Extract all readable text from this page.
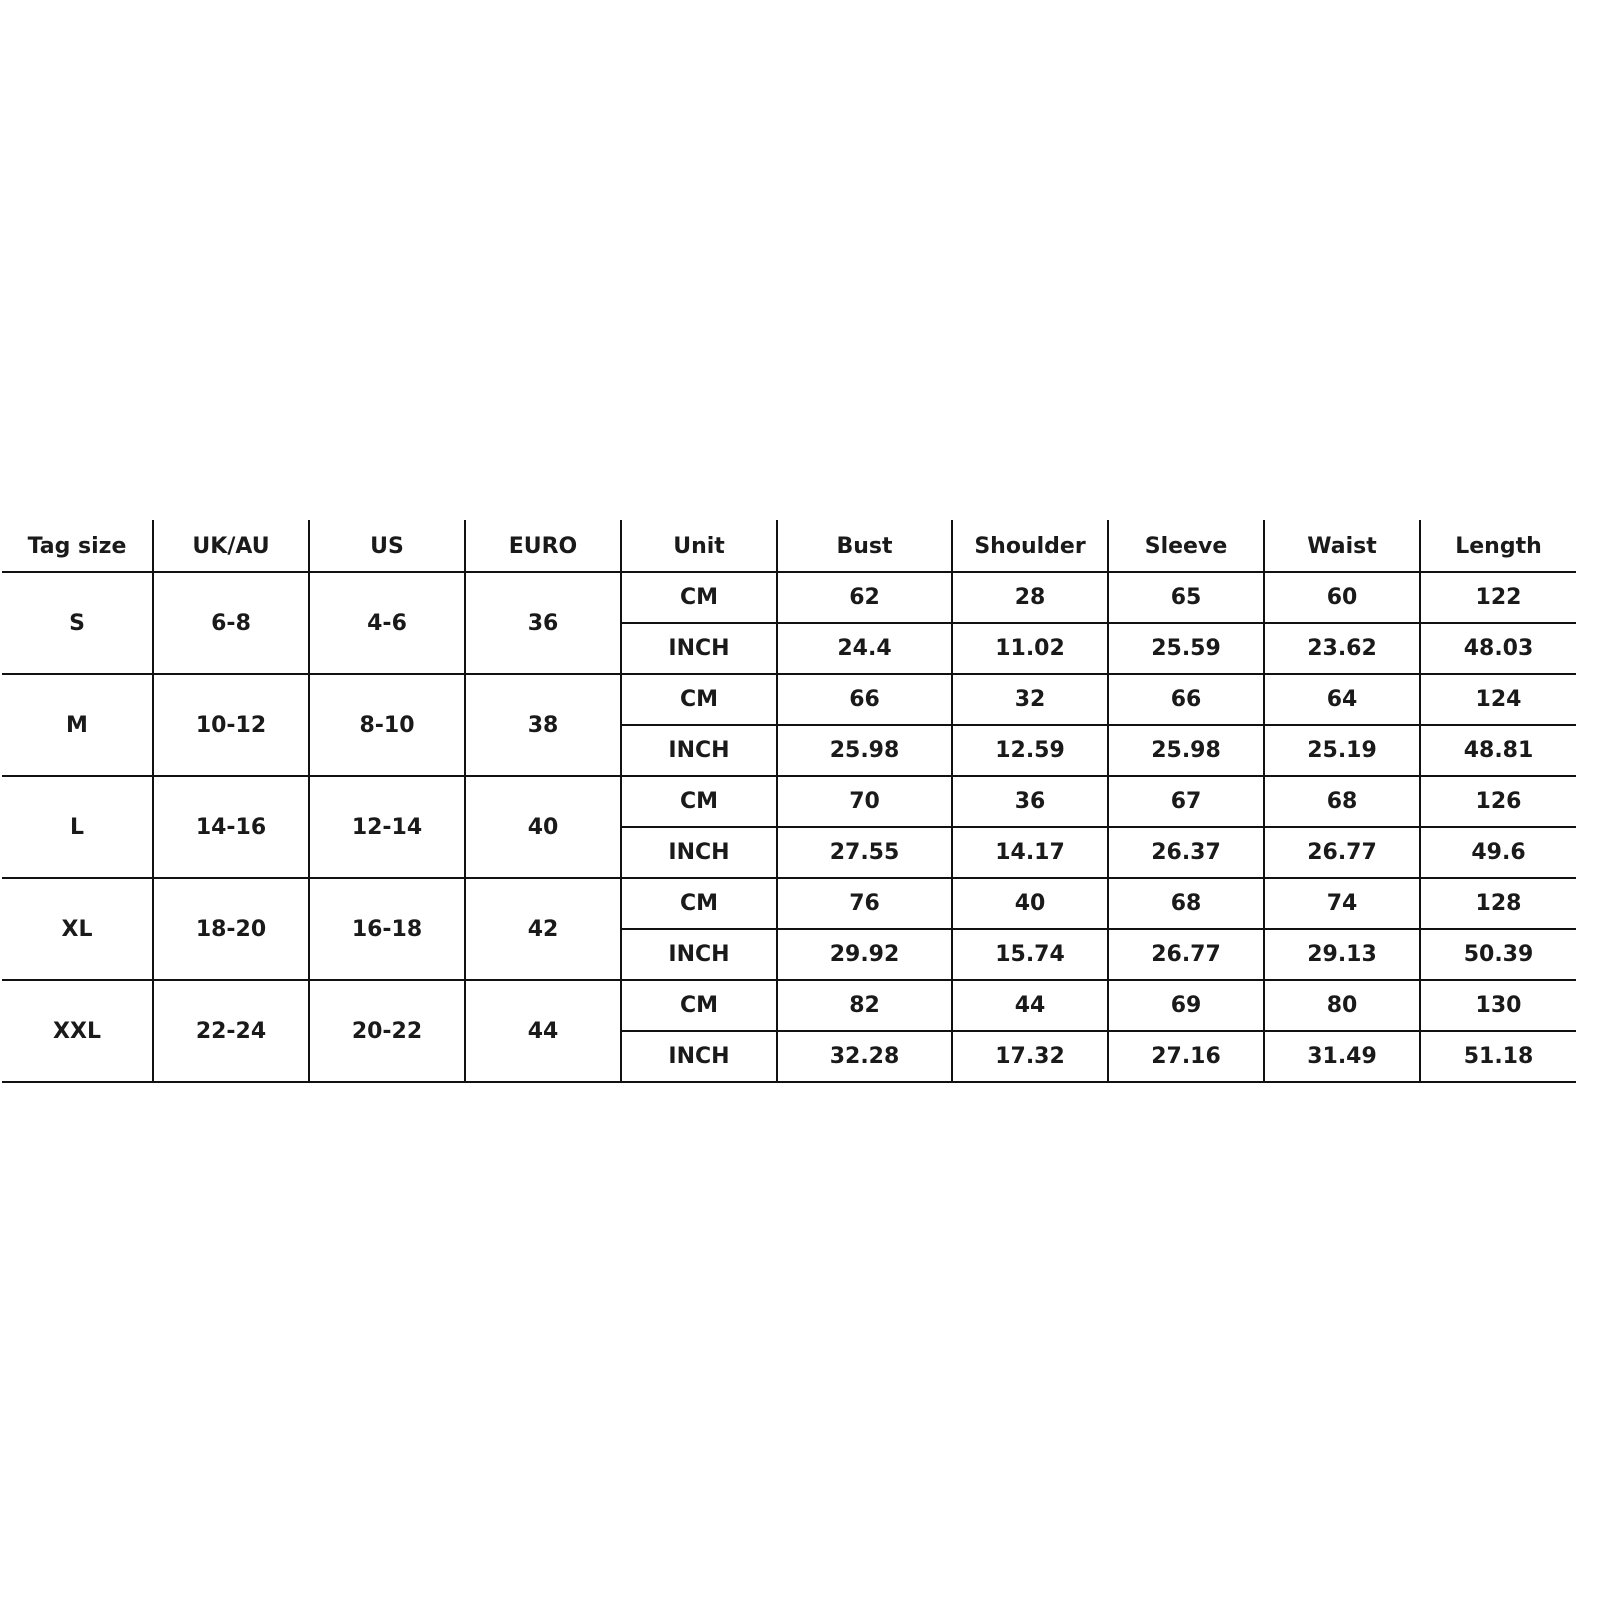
Tag size	UK/AU	US	EURO	Unit	Bust	Shoulder	Sleeve	Waist	Length
S	6-8	4-6	36	CM	62	28	65	60	122
				INCH	24.4	11.02	25.59	23.62	48.03
M	10-12	8-10	38	CM	66	32	66	64	124
				INCH	25.98	12.59	25.98	25.19	48.81
L	14-16	12-14	40	CM	70	36	67	68	126
				INCH	27.55	14.17	26.37	26.77	49.6
XL	18-20	16-18	42	CM	76	40	68	74	128
				INCH	29.92	15.74	26.77	29.13	50.39
XXL	22-24	20-22	44	CM	82	44	69	80	130
				INCH	32.28	17.32	27.16	31.49	51.18
